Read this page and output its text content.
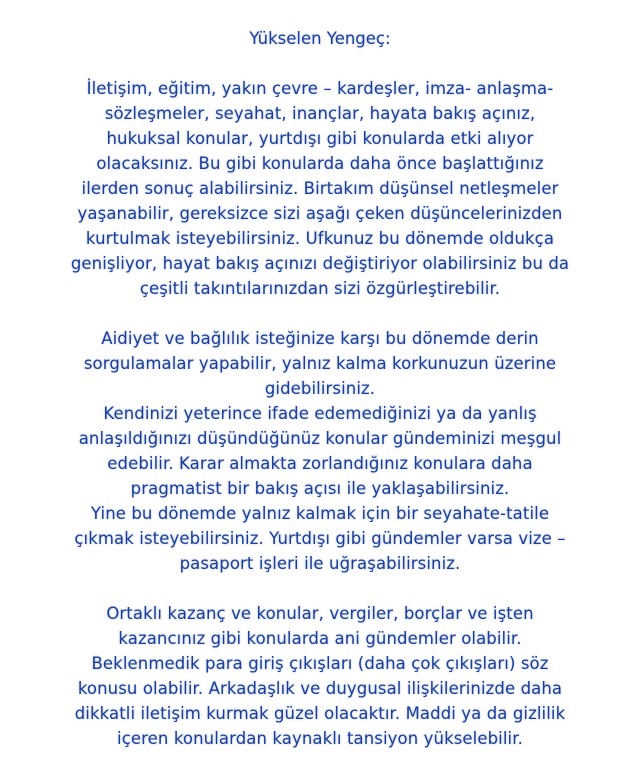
Yükselen Yengeç:
İletişim, eğitim, yakın çevre – kardeşler, imza- anlaşma-
sözleşmeler, seyahat, inançlar, hayata bakış açınız,
hukuksal konular, yurtdışı gibi konularda etki alıyor
olacaksınız. Bu gibi konularda daha önce başlattığınız
ilerden sonuç alabilirsiniz. Birtakım düşünsel netleşmeler
yaşanabilir, gereksizce sizi aşağı çeken düşüncelerinizden
kurtulmak isteyebilirsiniz. Ufkunuz bu dönemde oldukça
genişliyor, hayat bakış açınızı değiştiriyor olabilirsiniz bu da
çeşitli takıntılarınızdan sizi özgürleştirebilir.
Aidiyet ve bağlılık isteğinize karşı bu dönemde derin
sorgulamalar yapabilir, yalnız kalma korkunuzun üzerine
gidebilirsiniz.
Kendinizi yeterince ifade edemediğinizi ya da yanlış
anlaşıldığınızı düşündüğünüz konular gündeminizi meşgul
edebilir. Karar almakta zorlandığınız konulara daha
pragmatist bir bakış açısı ile yaklaşabilirsiniz.
Yine bu dönemde yalnız kalmak için bir seyahate-tatile
çıkmak isteyebilirsiniz. Yurtdışı gibi gündemler varsa vize –
pasaport işleri ile uğraşabilirsiniz.
Ortaklı kazanç ve konular, vergiler, borçlar ve işten
kazancınız gibi konularda ani gündemler olabilir.
Beklenmedik para giriş çıkışları (daha çok çıkışları) söz
konusu olabilir. Arkadaşlık ve duygusal ilişkilerinizde daha
dikkatli iletişim kurmak güzel olacaktır. Maddi ya da gizlilik
içeren konulardan kaynaklı tansiyon yükselebilir.
